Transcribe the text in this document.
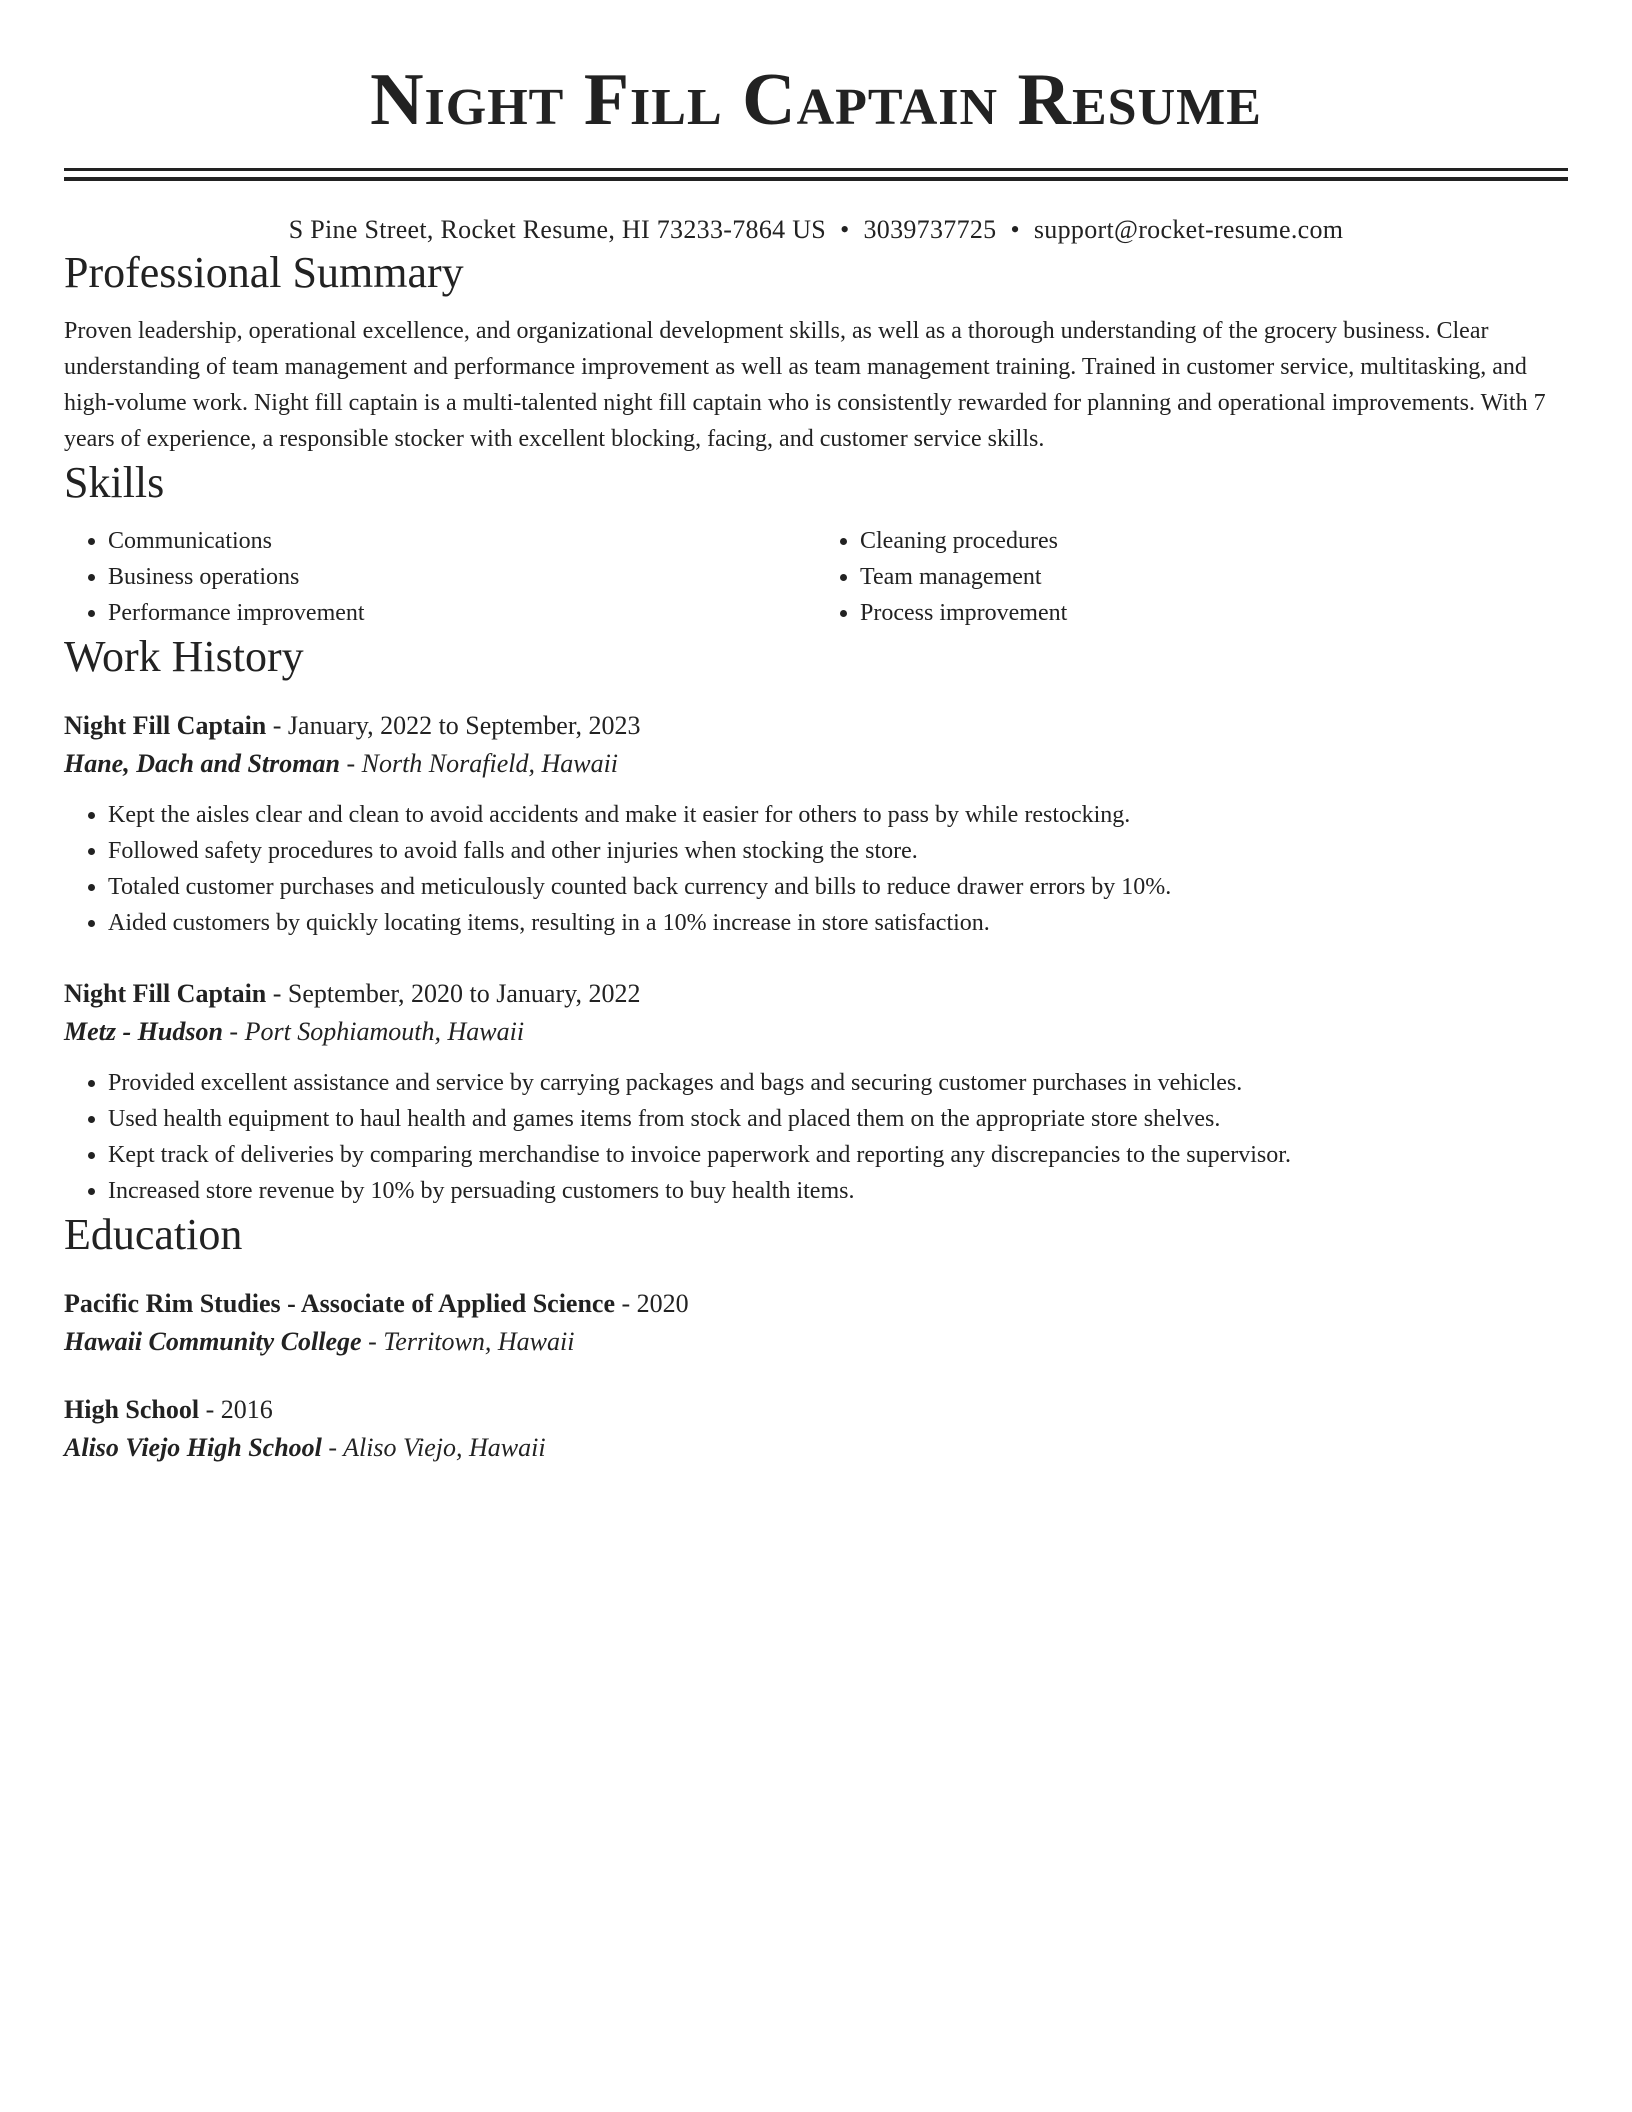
Night Fill Captain Resume
S Pine Street, Rocket Resume, HI 73233-7864 US • 3039737725 • support@rocket-resume.com
Professional Summary

Proven leadership, operational excellence, and organizational development skills, as well as a thorough understanding of the grocery business. Clear understanding of team management and performance improvement as well as team management training. Trained in customer service, multitasking, and high-volume work. Night fill captain is a multi-talented night fill captain who is consistently rewarded for planning and operational improvements. With 7 years of experience, a responsible stocker with excellent blocking, facing, and customer service skills.

Skills
• Communications
• Business operations
• Performance improvement
• Cleaning procedures
• Team management
• Process improvement
Work History
Night Fill Captain - January, 2022 to September, 2023
Hane, Dach and Stroman - North Norafield, Hawaii
• Kept the aisles clear and clean to avoid accidents and make it easier for others to pass by while restocking.
• Followed safety procedures to avoid falls and other injuries when stocking the store.
• Totaled customer purchases and meticulously counted back currency and bills to reduce drawer errors by 10%.
• Aided customers by quickly locating items, resulting in a 10% increase in store satisfaction.
Night Fill Captain - September, 2020 to January, 2022
Metz - Hudson - Port Sophiamouth, Hawaii
• Provided excellent assistance and service by carrying packages and bags and securing customer purchases in vehicles.
• Used health equipment to haul health and games items from stock and placed them on the appropriate store shelves.
• Kept track of deliveries by comparing merchandise to invoice paperwork and reporting any discrepancies to the supervisor.
• Increased store revenue by 10% by persuading customers to buy health items.
Education
Pacific Rim Studies - Associate of Applied Science - 2020
Hawaii Community College - Territown, Hawaii
High School - 2016
Aliso Viejo High School - Aliso Viejo, Hawaii
